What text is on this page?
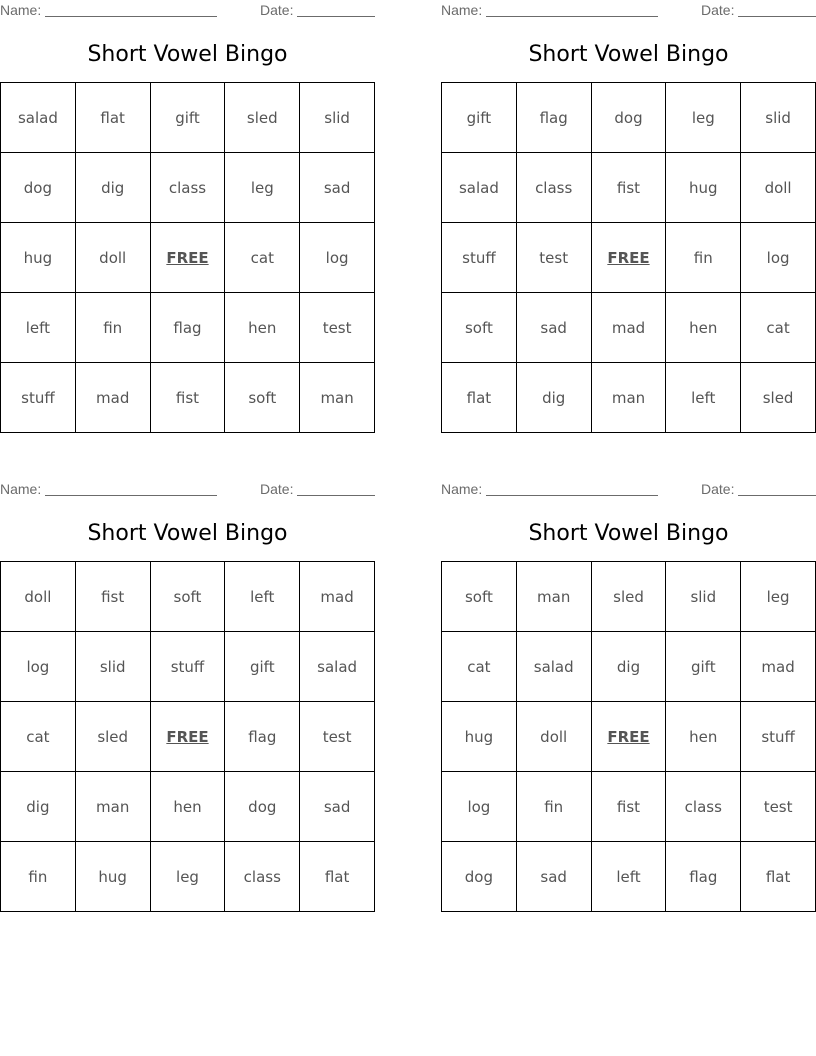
Name:	Date:
Short Vowel Bingo
salad	flat	gift	sled	slid
dog	dig	class	leg	sad
hug	doll	FREE	cat	log
left	fin	flag	hen	test
stuff	mad	fist	soft	man
Name:	Date:
Short Vowel Bingo
gift	flag	dog	leg	slid
salad	class	fist	hug	doll
stuff	test	FREE	fin	log
soft	sad	mad	hen	cat
flat	dig	man	left	sled
Name:	Date:
Short Vowel Bingo
doll	fist	soft	left	mad
log	slid	stuff	gift	salad
cat	sled	FREE	flag	test
dig	man	hen	dog	sad
fin	hug	leg	class	flat
Name:	Date:
Short Vowel Bingo
soft	man	sled	slid	leg
cat	salad	dig	gift	mad
hug	doll	FREE	hen	stuff
log	fin	fist	class	test
dog	sad	left	flag	flat
